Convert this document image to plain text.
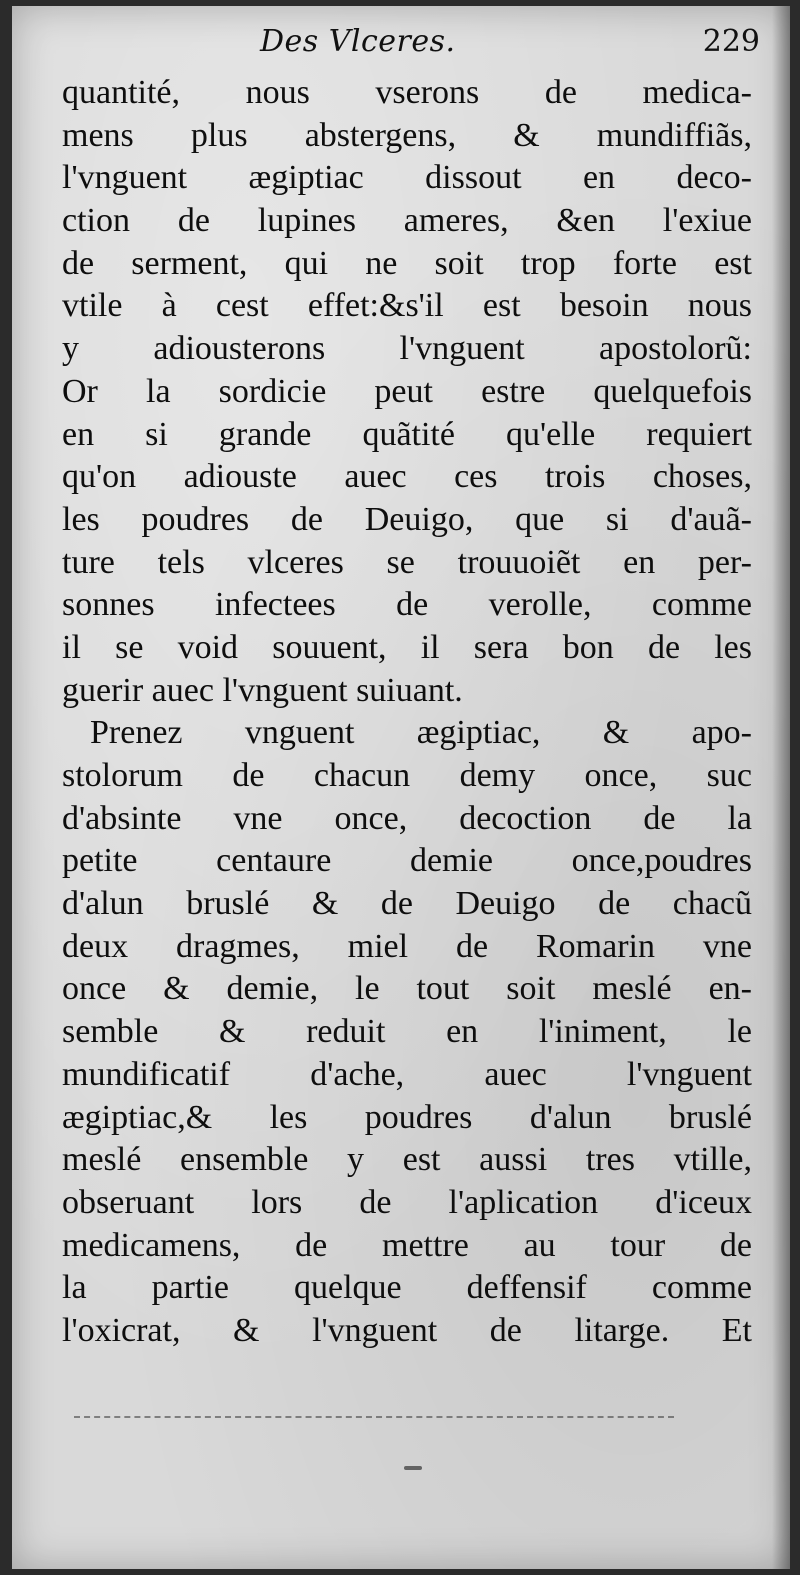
Des Vlceres.	229
quantité, nous vserons de medica-
mens plus abstergens, & mundiffiãs,
l'vnguent ægiptiac dissout en deco-
ction de lupines ameres, &en l'exiue
de serment, qui ne soit trop forte est
vtile à cest effet:&s'il est besoin nous
y adiousterons l'vnguent apostolorũ:
Or la sordicie peut estre quelquefois
en si grande quãtité qu'elle requiert
qu'on adiouste auec ces trois choses,
les poudres de Deuigo, que si d'auã-
ture tels vlceres se trouuoiẽt en per-
sonnes infectees de verolle, comme
il se void souuent, il sera bon de les
guerir auec l'vnguent suiuant.
Prenez vnguent ægiptiac, & apo-
stolorum de chacun demy once, suc
d'absinte vne once, decoction de la
petite centaure demie once,poudres
d'alun bruslé & de Deuigo de chacũ
deux dragmes, miel de Romarin vne
once & demie, le tout soit meslé en-
semble & reduit en l'iniment, le
mundificatif d'ache, auec l'vnguent
ægiptiac,& les poudres d'alun bruslé
meslé ensemble y est aussi tres vtille,
obseruant lors de l'aplication d'iceux
medicamens, de mettre au tour de
la partie quelque deffensif comme
l'oxicrat, & l'vnguent de litarge. Et
